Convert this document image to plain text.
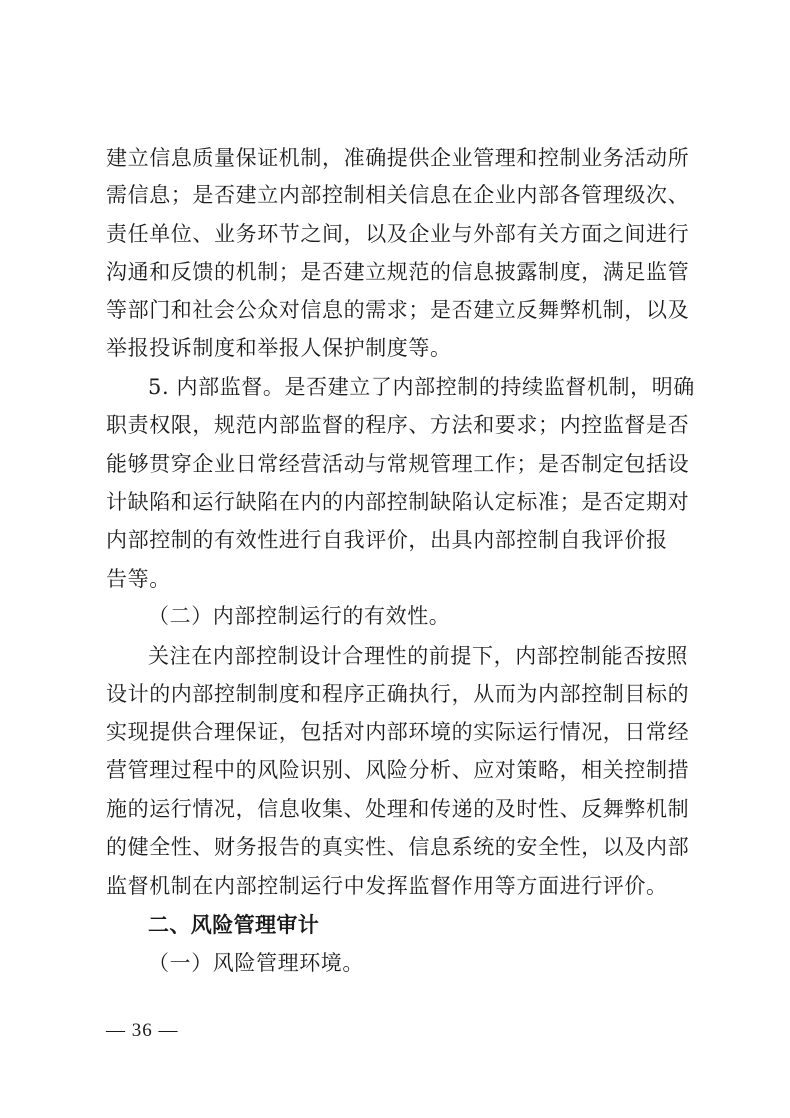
建立信息质量保证机制，准确提供企业管理和控制业务活动所
需信息；是否建立内部控制相关信息在企业内部各管理级次、
责任单位、业务环节之间，以及企业与外部有关方面之间进行
沟通和反馈的机制；是否建立规范的信息披露制度，满足监管
等部门和社会公众对信息的需求；是否建立反舞弊机制，以及
举报投诉制度和举报人保护制度等。
5. 内部监督。是否建立了内部控制的持续监督机制，明确
职责权限，规范内部监督的程序、方法和要求；内控监督是否
能够贯穿企业日常经营活动与常规管理工作；是否制定包括设
计缺陷和运行缺陷在内的内部控制缺陷认定标准；是否定期对
内部控制的有效性进行自我评价，出具内部控制自我评价报
告等。
（二）内部控制运行的有效性。
关注在内部控制设计合理性的前提下，内部控制能否按照
设计的内部控制制度和程序正确执行，从而为内部控制目标的
实现提供合理保证，包括对内部环境的实际运行情况，日常经
营管理过程中的风险识别、风险分析、应对策略，相关控制措
施的运行情况，信息收集、处理和传递的及时性、反舞弊机制
的健全性、财务报告的真实性、信息系统的安全性，以及内部
监督机制在内部控制运行中发挥监督作用等方面进行评价。
二、风险管理审计
（一）风险管理环境。
— 36 —
